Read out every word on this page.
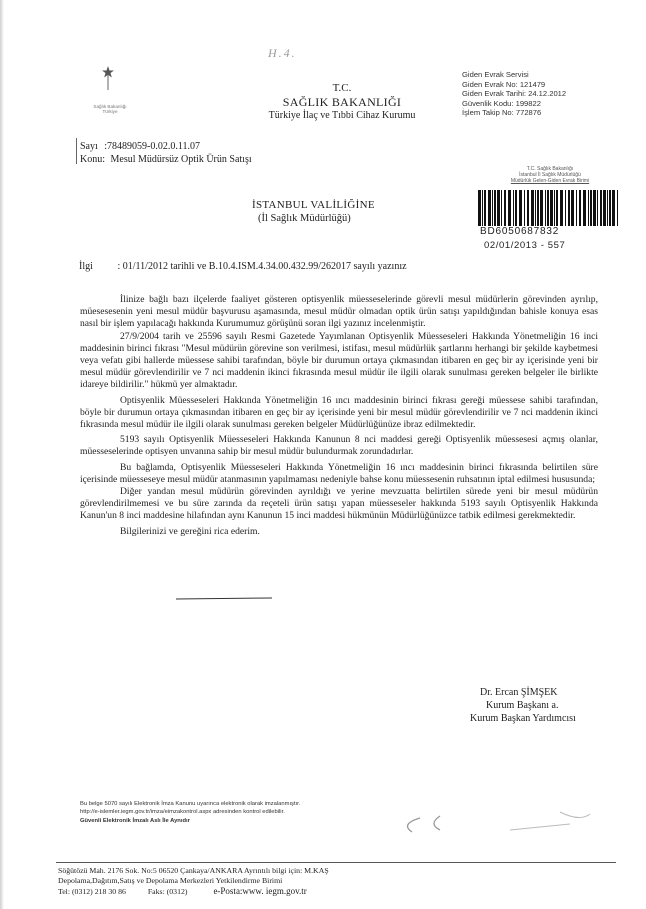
H.4.
Sağlık Bakanlığı
Türkiye
T.C.
SAĞLIK BAKANLIĞI
Türkiye İlaç ve Tıbbi Cihaz Kurumu
Giden Evrak Servisi
Giden Evrak No: 121479
Giden Evrak Tarihi: 24.12.2012
Güvenlik Kodu: 199822
İşlem Takip No: 772876
Sayı :78489059-0.02.0.11.07
Konu: Mesul Müdürsüz Optik Ürün Satışı
T.C. Sağlık Bakanlığı
İstanbul İl Sağlık Müdürlüğü
Müdürlük Gelen-Giden Evrak Birimi
BD6050687832
02/01/2013 - 557
İSTANBUL VALİLİĞİNE
(İl Sağlık Müdürlüğü)
İlgi : 01/11/2012 tarihli ve B.10.4.ISM.4.34.00.432.99/262017 sayılı yazınız

İlinize bağlı bazı ilçelerde faaliyet gösteren optisyenlik müesseselerinde görevli mesul müdürlerin görevinden ayrılıp, müesesesenin yeni mesul müdür başvurusu aşamasında, mesul müdür olmadan optik ürün satışı yapıldığından bahisle konuya esas nasıl bir işlem yapılacağı hakkında Kurumumuz görüşünü soran ilgi yazınız incelenmiştir.

27/9/2004 tarih ve 25596 sayılı Resmi Gazetede Yayımlanan Optisyenlik Müesseseleri Hakkında Yönetmeliğin 16 inci maddesinin birinci fıkrası "Mesul müdürün görevine son verilmesi, istifası, mesul müdürlük şartlarını herhangi bir şekilde kaybetmesi veya vefatı gibi hallerde müessese sahibi tarafından, böyle bir durumun ortaya çıkmasından itibaren en geç bir ay içerisinde yeni bir mesul müdür görevlendirilir ve 7 nci maddenin ikinci fıkrasında mesul müdür ile ilgili olarak sunulması gereken belgeler ile birlikte idareye bildirilir." hükmü yer almaktadır.

Optisyenlik Müesseseleri Hakkında Yönetmeliğin 16 ıncı maddesinin birinci fıkrası gereği müessese sahibi tarafından, böyle bir durumun ortaya çıkmasından itibaren en geç bir ay içerisinde yeni bir mesul müdür görevlendirilir ve 7 nci maddenin ikinci fıkrasında mesul müdür ile ilgili olarak sunulması gereken belgeler Müdürlüğünüze ibraz edilmektedir.

5193 sayılı Optisyenlik Müesseseleri Hakkında Kanunun 8 nci maddesi gereği Optisyenlik müessesesi açmış olanlar, müesseselerinde optisyen unvanına sahip bir mesul müdür bulundurmak zorundadırlar.

Bu bağlamda, Optisyenlik Müesseseleri Hakkında Yönetmeliğin 16 ıncı maddesinin birinci fıkrasında belirtilen süre içerisinde müesseseye mesul müdür atanmasının yapılmaması nedeniyle bahse konu müessesenin ruhsatının iptal edilmesi hususunda;

Diğer yandan mesul müdürün görevinden ayrıldığı ve yerine mevzuatta belirtilen sürede yeni bir mesul müdürün görevlendirilmemesi ve bu süre zarında da reçeteli ürün satışı yapan müesseseler hakkında 5193 sayılı Optisyenlik Hakkında Kanun'un 8 inci maddesine hilafından aynı Kanunun 15 inci maddesi hükmünün Müdürlüğünüzce tatbik edilmesi gerekmektedir.

Bilgilerinizi ve gereğini rica ederim.

Dr. Ercan ŞİMŞEK
Kurum Başkanı a.
Kurum Başkan Yardımcısı
Bu belge 5070 sayılı Elektronik İmza Kanunu uyarınca elektronik olarak imzalanmıştır.
http://e-islemler.iegm.gov.tr/imza/eimzakontrol.aspx adresinden kontrol edilebilir.
Güvenli Elektronik İmzalı Aslı İle Aynıdır
Söğütözü Mah. 2176 Sok. No:5 06520 Çankaya/ANKARA Ayrıntılı bilgi için: M.KAŞ
Depolama,Dağıtım,Satış ve Depolama Merkezleri Yetkilendirme Birimi
Tel: (0312) 218 30 86	Faks: (0312)	e-Posta:www. iegm.gov.tr
